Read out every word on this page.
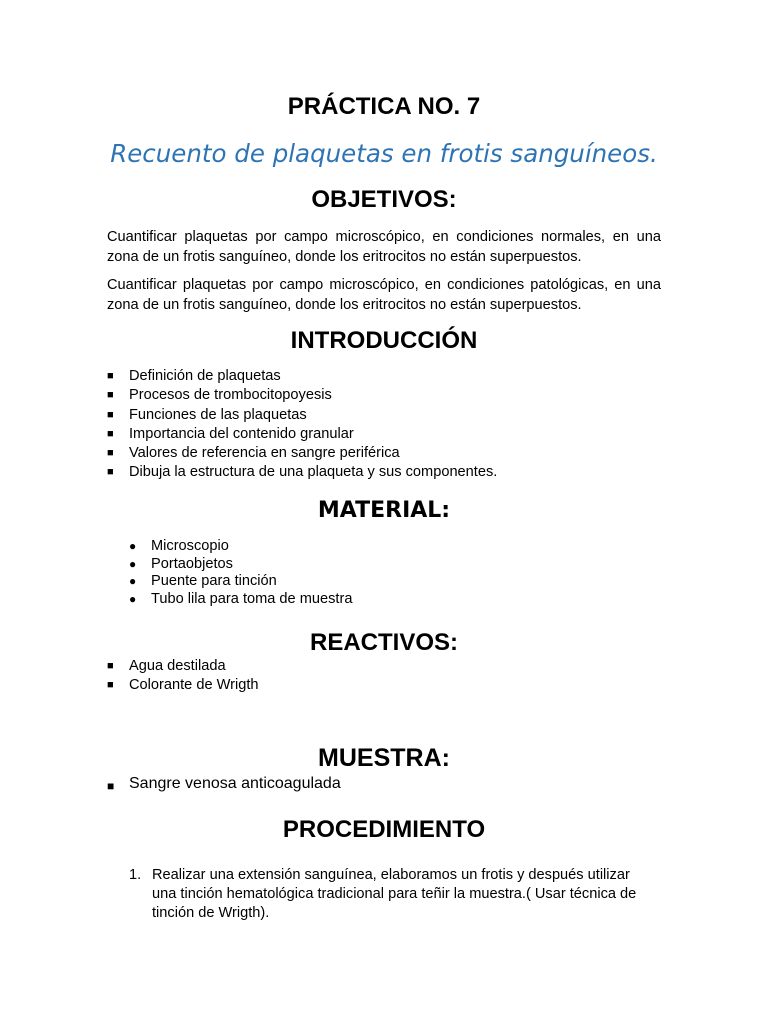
PRÁCTICA NO. 7
Recuento de plaquetas en frotis sanguíneos.
OBJETIVOS:
Cuantificar plaquetas por campo microscópico, en condiciones normales, en una zona de un frotis sanguíneo, donde los eritrocitos no están superpuestos.
Cuantificar plaquetas por campo microscópico, en condiciones patológicas, en una zona de un frotis sanguíneo, donde los eritrocitos no están superpuestos.
INTRODUCCIÓN
■ Definición de plaquetas
■ Procesos de trombocitopoyesis
■ Funciones de las plaquetas
■ Importancia del contenido granular
■ Valores de referencia en sangre periférica
■ Dibuja la estructura de una plaqueta y sus componentes.
MATERIAL:
● Microscopio
● Portaobjetos
● Puente para tinción
● Tubo lila para toma de muestra
REACTIVOS:
■ Agua destilada
■ Colorante de Wrigth
MUESTRA:
■ Sangre venosa anticoagulada
PROCEDIMIENTO
1. Realizar una extensión sanguínea, elaboramos un frotis y después utilizar una tinción hematológica tradicional para teñir la muestra.( Usar técnica de tinción de Wrigth).
